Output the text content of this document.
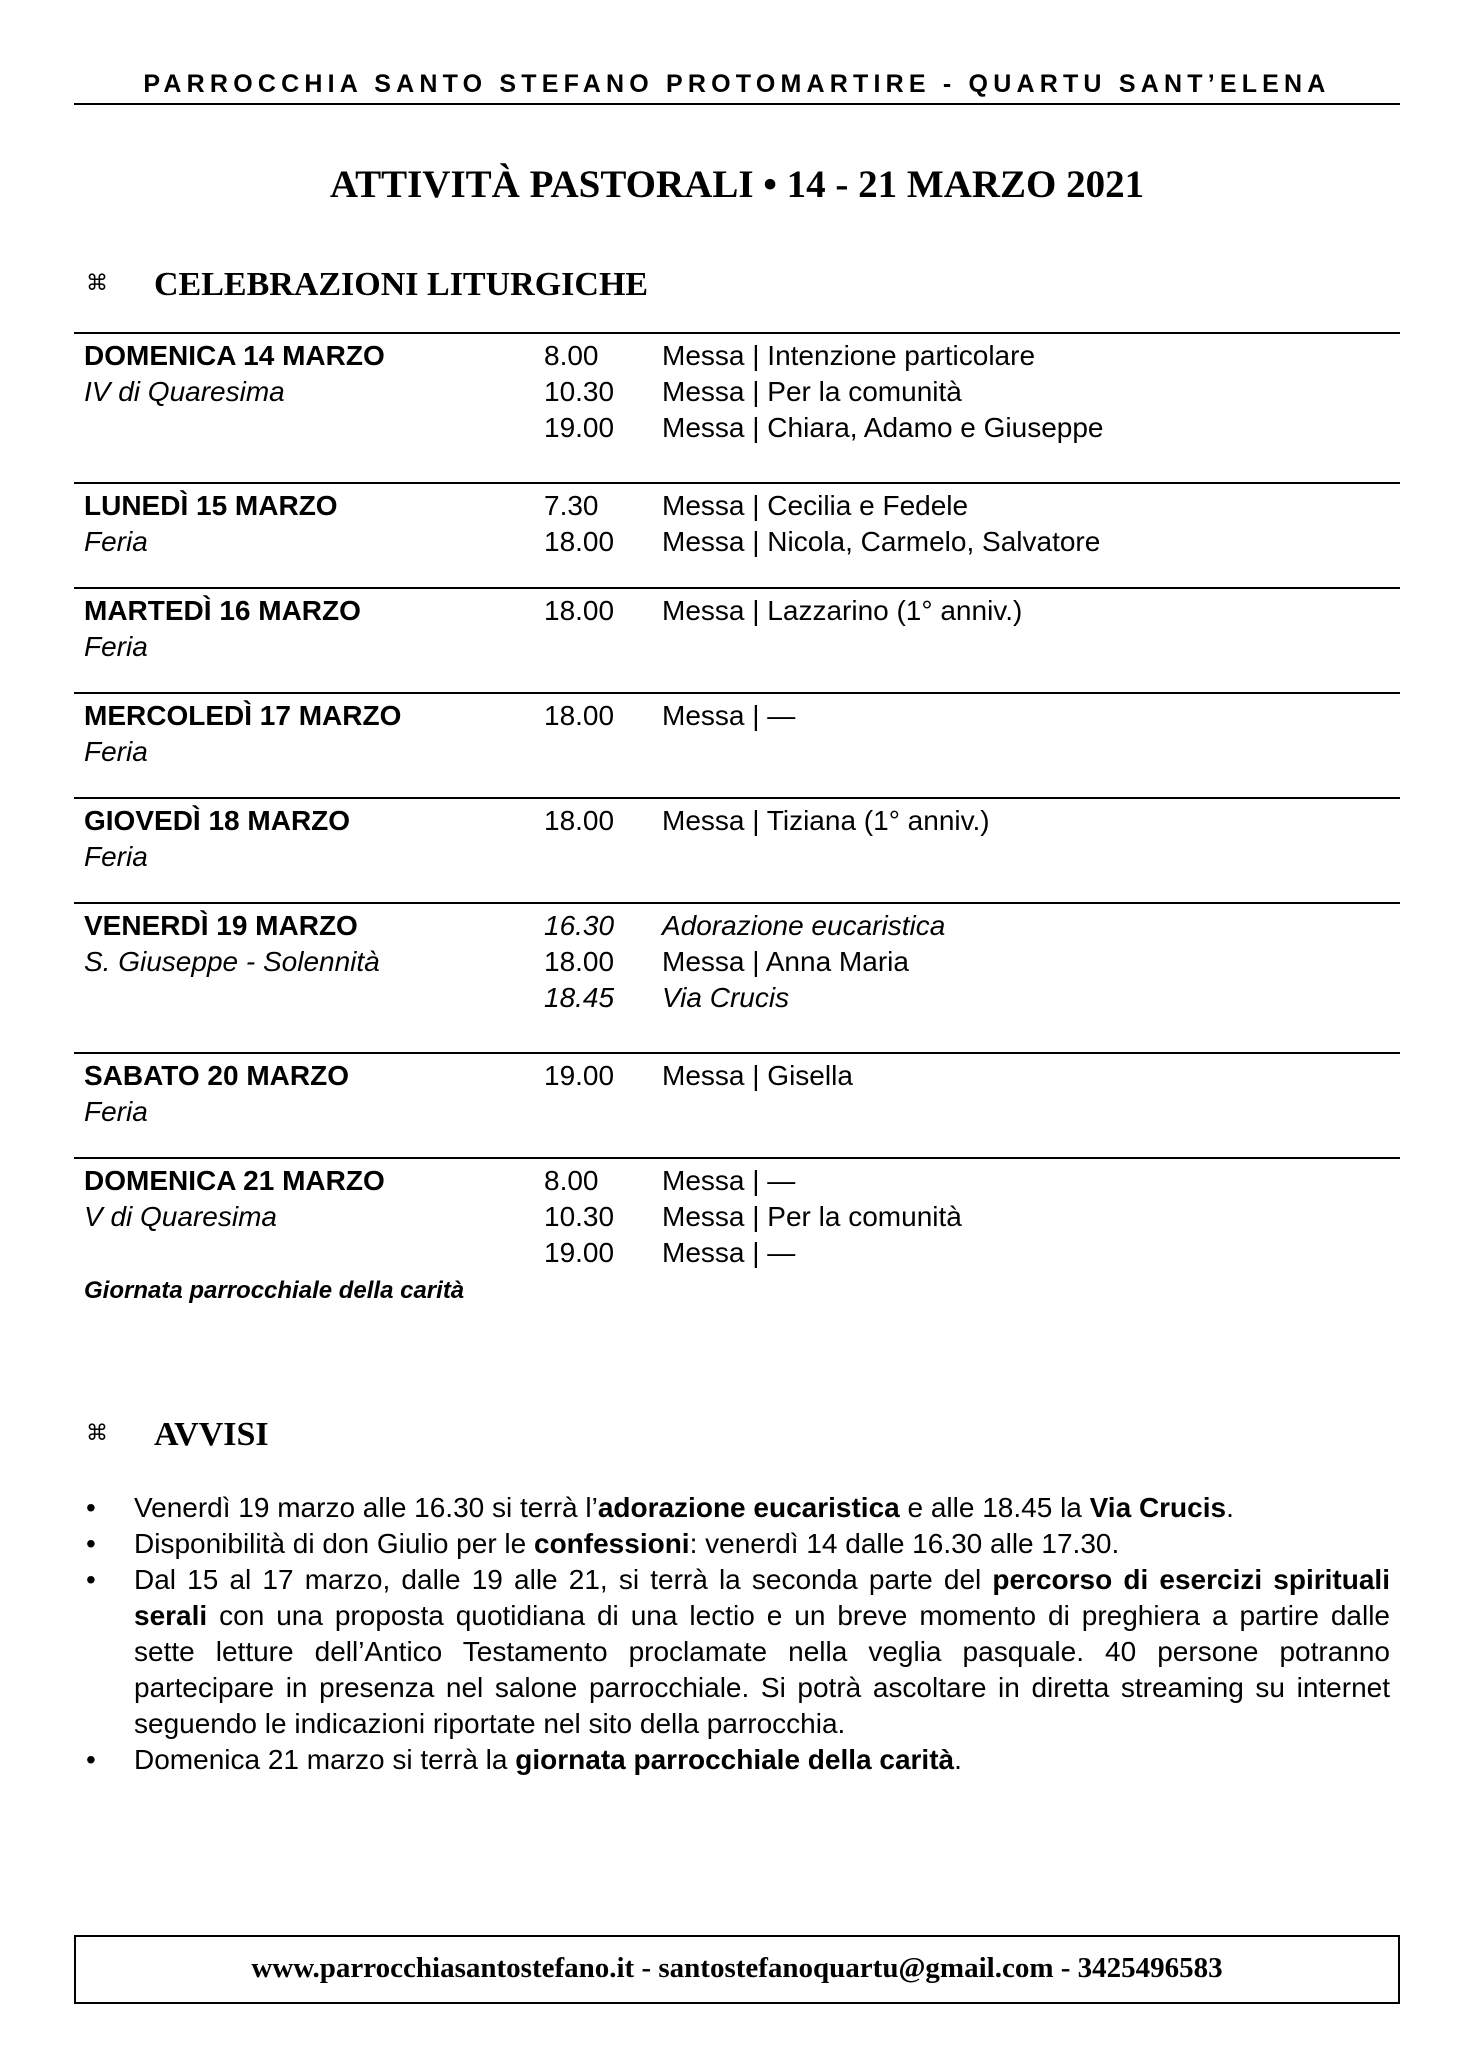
PARROCCHIA SANTO STEFANO PROTOMARTIRE - QUARTU SANT’ELENA
ATTIVITÀ PASTORALI • 14 - 21 MARZO 2021
⌘ CELEBRAZIONI LITURGICHE
DOMENICA 14 MARZO
IV di Quaresima
8.00 Messa | Intenzione particolare
10.30 Messa | Per la comunità
19.00 Messa | Chiara, Adamo e Giuseppe
LUNEDÌ 15 MARZO
Feria
7.30 Messa | Cecilia e Fedele
18.00 Messa | Nicola, Carmelo, Salvatore
MARTEDÌ 16 MARZO
Feria
18.00 Messa | Lazzarino (1° anniv.)
MERCOLEDÌ 17 MARZO
Feria
18.00 Messa | —
GIOVEDÌ 18 MARZO
Feria
18.00 Messa | Tiziana (1° anniv.)
VENERDÌ 19 MARZO
S. Giuseppe - Solennità
16.30 Adorazione eucaristica
18.00 Messa | Anna Maria
18.45 Via Crucis
SABATO 20 MARZO
Feria
19.00 Messa | Gisella
DOMENICA 21 MARZO
V di Quaresima
Giornata parrocchiale della carità
8.00 Messa | —
10.30 Messa | Per la comunità
19.00 Messa | —
⌘ AVVISI
• Venerdì 19 marzo alle 16.30 si terrà l’adorazione eucaristica e alle 18.45 la Via Crucis.
• Disponibilità di don Giulio per le confessioni: venerdì 14 dalle 16.30 alle 17.30.
• Dal 15 al 17 marzo, dalle 19 alle 21, si terrà la seconda parte del percorso di esercizi spirituali serali con una proposta quotidiana di una lectio e un breve momento di preghiera a partire dalle sette letture dell’Antico Testamento proclamate nella veglia pasquale. 40 persone potranno partecipare in presenza nel salone parrocchiale. Si potrà ascoltare in diretta streaming su internet seguendo le indicazioni riportate nel sito della parrocchia.
• Domenica 21 marzo si terrà la giornata parrocchiale della carità.
www.parrocchiasantostefano.it - santostefanoquartu@gmail.com - 3425496583
